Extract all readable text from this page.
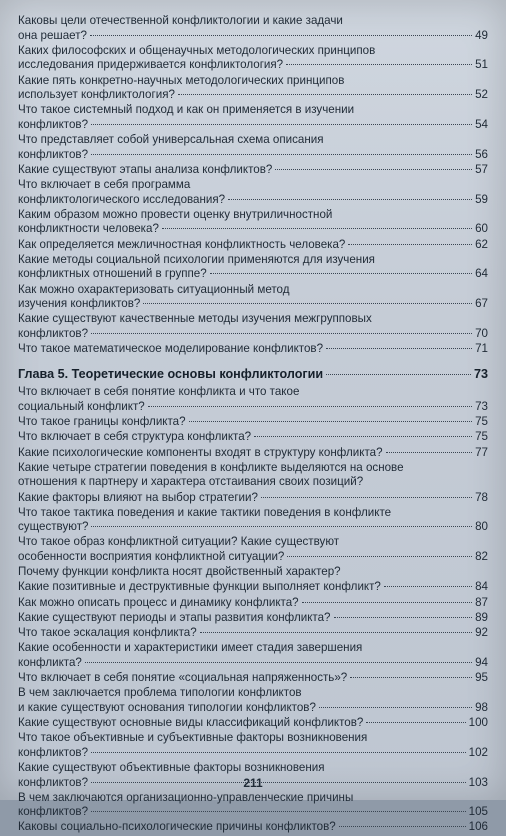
Каковы цели отечественной конфликтологии и какие задачи
она решает?	49
Каких философских и общенаучных методологических принципов
исследования придерживается конфликтология?	51
Какие пять конкретно-научных методологических принципов
использует конфликтология?	52
Что такое системный подход и как он применяется в изучении
конфликтов?	54
Что представляет собой универсальная схема описания
конфликтов?	56
Какие существуют этапы анализа конфликтов?	57
Что включает в себя программа
конфликтологического исследования?	59
Каким образом можно провести оценку внутриличностной
конфликтности человека?	60
Как определяется межличностная конфликтность человека?	62
Какие методы социальной психологии применяются для изучения
конфликтных отношений в группе?	64
Как можно охарактеризовать ситуационный метод
изучения конфликтов?	67
Какие существуют качественные методы изучения межгрупповых
конфликтов?	70
Что такое математическое моделирование конфликтов?	71
Глава 5. Теоретические основы конфликтологии	73
Что включает в себя понятие конфликта и что такое
социальный конфликт?	73
Что такое границы конфликта?	75
Что включает в себя структура конфликта?	75
Какие психологические компоненты входят в структуру конфликта?	77
Какие четыре стратегии поведения в конфликте выделяются на основе
отношения к партнеру и характера отстаивания своих позиций?
Какие факторы влияют на выбор стратегии?	78
Что такое тактика поведения и какие тактики поведения в конфликте
существуют?	80
Что такое образ конфликтной ситуации? Какие существуют
особенности восприятия конфликтной ситуации?	82
Почему функции конфликта носят двойственный характер?
Какие позитивные и деструктивные функции выполняет конфликт?	84
Как можно описать процесс и динамику конфликта?	87
Какие существуют периоды и этапы развития конфликта?	89
Что такое эскалация конфликта?	92
Какие особенности и характеристики имеет стадия завершения
конфликта?	94
Что включает в себя понятие «социальная напряженность»?	95
В чем заключается проблема типологии конфликтов
и какие существуют основания типологии конфликтов?	98
Какие существуют основные виды классификаций конфликтов?	100
Что такое объективные и субъективные факторы возникновения
конфликтов?	102
Какие существуют объективные факторы возникновения
конфликтов?	103
В чем заключаются организационно-управленческие причины
конфликтов?	105
Каковы социально-психологические причины конфликтов?	106
211
